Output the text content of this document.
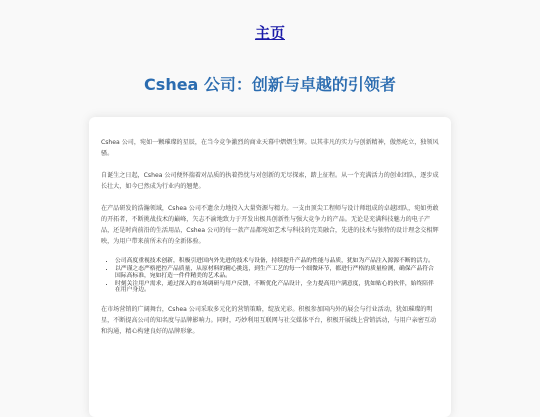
主页
Cshea 公司：创新与卓越的引领者

Cshea 公司，宛如一颗璀璨的星辰，在当今竞争激烈的商业天幕中熠熠生辉。以其非凡的实力与创新精神，傲然屹立，独领风骚。

自诞生之日起，Cshea 公司便怀揣着对品质的执着热忱与对创新的无尽探索，踏上征程。从一个充满活力的创业团队，逐步成长壮大，如今已然成为行业内的翘楚。

在产品研发的浩瀚领域，Cshea 公司不遗余力地投入大量资源与精力。一支由顶尖工程师与设计师组成的卓越团队，宛如勇敢的开拓者，不断挑战技术的巅峰，矢志不渝地致力于开发出极具创新性与强大竞争力的产品。无论是充满科技魅力的电子产品，还是时尚前沿的生活用品，Cshea 公司的每一款产品都宛如艺术与科技的完美融合，先进的技术与独特的设计理念交相辉映，为用户带来前所未有的全新体验。

• 公司高度重视技术创新，积极引进国内外先进的技术与设备，持续提升产品的性能与品质，犹如为产品注入源源不断的活力。
• 以严谨之态严格把控产品质量，从原材料的精心挑选，到生产工艺的每一个细微环节，都进行严格的质量检测，确保产品符合国际高标准，宛如打造一件件精美的艺术品。
• 时刻关注用户需求，通过深入的市场调研与用户反馈，不断优化产品设计，全力提高用户满意度，犹如贴心的伙伴，始终陪伴在用户身边。

在市场营销的广阔舞台，Cshea 公司采取多元化的营销策略，绽放光彩。积极参加国内外的展会与行业活动，犹如璀璨的明星，不断提高公司的知名度与品牌影响力。同时，巧妙利用互联网与社交媒体平台，积极开展线上营销活动，与用户亲密互动和沟通，精心构建良好的品牌形象。
